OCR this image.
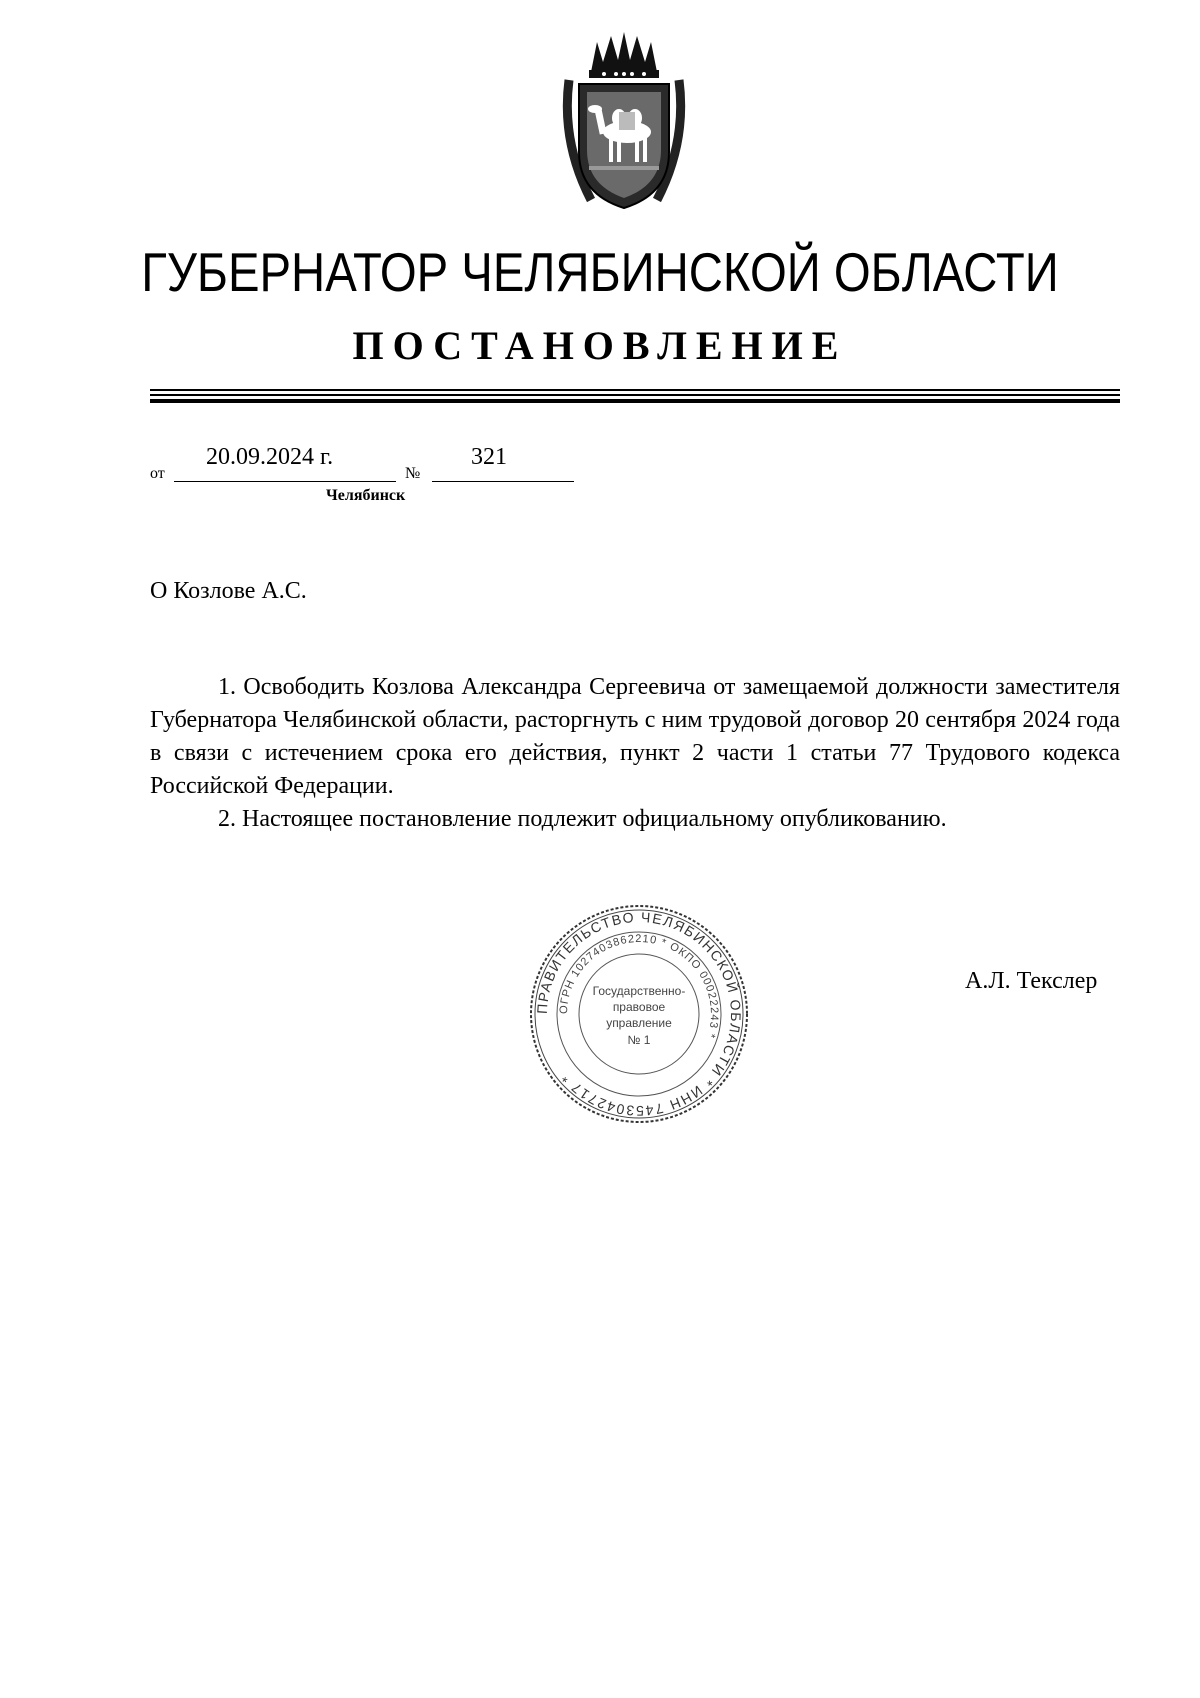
ГУБЕРНАТОР ЧЕЛЯБИНСКОЙ ОБЛАСТИ
ПОСТАНОВЛЕНИЕ
от
20.09.2024 г.
№
321
Челябинск
О Козлове А.С.

1. Освободить Козлова Александра Сергеевича от замещаемой должности заместителя Губернатора Челябинской области, расторгнуть с ним трудовой договор 20 сентября 2024 года в связи с истечением срока его действия, пункт 2 части 1 статьи 77 Трудового кодекса Российской Федерации.

2. Настоящее постановление подлежит официальному опубликованию.

ПРАВИТЕЛЬСТВО ЧЕЛЯБИНСКОЙ ОБЛАСТИ * ИНН 7453042717 *
ОГРН 1027403862210 * ОКПО 00022243 *
Государственно-
правовое
управление
№ 1
А.Л. Текслер
